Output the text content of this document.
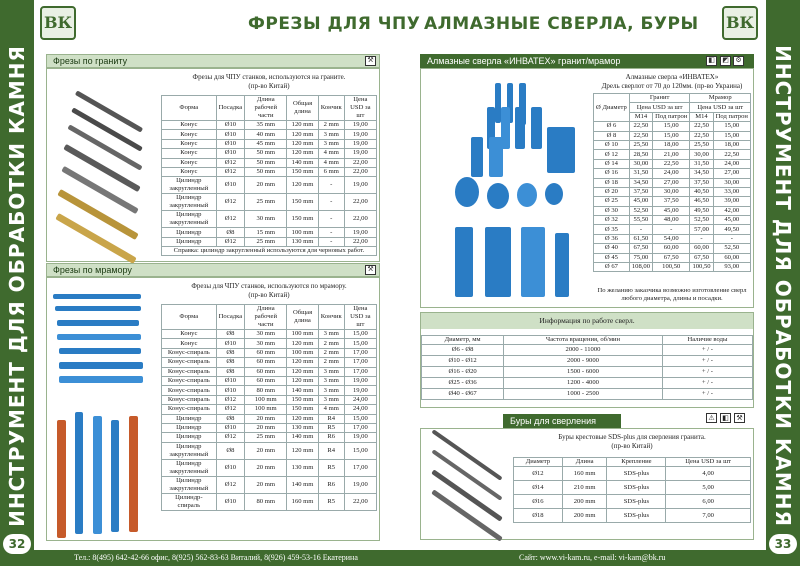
ИНСТРУМЕНТ ДЛЯ ОБРАБОТКИ КАМНЯ
32
ИНСТРУМЕНТ ДЛЯ ОБРАБОТКИ КАМНЯ
33
ВК	ФРЕЗЫ ДЛЯ ЧПУ АЛМАЗНЫЕ СВЕРЛА, БУРЫ ВК
Фрезы по граниту	⚒
Фрезы для ЧПУ станков, используются на граните.
(пр-во Китай)
Форма	Посадка	Длина рабочей части	Общая длина	Кончик	Цена USD за шт
Конус	Ø10	35 mm	120 mm	2 mm	19,00
Конус	Ø10	40 mm	120 mm	3 mm	19,00
Конус	Ø10	45 mm	120 mm	3 mm	19,00
Конус	Ø10	50 mm	120 mm	4 mm	19,00
Конус	Ø12	50 mm	140 mm	4 mm	22,00
Конус	Ø12	50 mm	150 mm	6 mm	22,00
Цилиндр закругленный	Ø10	20 mm	120 mm	-	19,00
Цилиндр закругленный	Ø12	25 mm	150 mm	-	22,00
Цилиндр закругленный	Ø12	30 mm	150 mm	-	22,00
Цилиндр	Ø8	15 mm	100 mm	-	19,00
Цилиндр	Ø12	25 mm	130 mm	-	22,00
Справка: цилиндр закругленный используются для черновых работ.
Фрезы по мрамору	⚒
Фрезы для ЧПУ станков, используются по мрамору.
(пр-во Китай)
Форма	Посадка	Длина рабочей части	Общая длина	Кончик	Цена USD за шт
Конус	Ø8	30 mm	100 mm	3 mm	15,00
Конус	Ø10	30 mm	120 mm	2 mm	15,00
Конус-спираль	Ø8	60 mm	100 mm	2 mm	17,00
Конус-спираль	Ø8	60 mm	120 mm	2 mm	17,00
Конус-спираль	Ø8	60 mm	120 mm	3 mm	17,00
Конус-спираль	Ø10	60 mm	120 mm	3 mm	19,00
Конус-спираль	Ø10	80 mm	140 mm	3 mm	19,00
Конус-спираль	Ø12	100 mm	150 mm	3 mm	24,00
Конус-спираль	Ø12	100 mm	150 mm	4 mm	24,00
Цилиндр	Ø8	20 mm	120 mm	R4	15,00
Цилиндр	Ø10	20 mm	130 mm	R5	17,00
Цилиндр	Ø12	25 mm	140 mm	R6	19,00
Цилиндр закругленный	Ø8	20 mm	120 mm	R4	15,00
Цилиндр закругленный	Ø10	20 mm	130 mm	R5	17,00
Цилиндр закругленный	Ø12	20 mm	140 mm	R6	19,00
Цилиндр-спираль	Ø10	80 mm	160 mm	R5	22,00
Алмазные сверла «ИНВАТЕХ» гранит/мрамор	◧	◩ ⚙
Алмазные сверла «ИНВАТЕХ»
Дрель сверлот от 70 до 120мм. (пр-во Украина)
Ø Диаметр	Гранит		Мрамор	
	Цена USD за шт		Цена USD за шт	
	M14	Под патрон	M14	Под патрон
Ø 6	22,50	15,00	22,50	15,00
Ø 8	22,50	15,00	22,50	15,00
Ø 10	25,50	18,00	25,50	18,00
Ø 12	28,50	21,00	30,00	22,50
Ø 14	30,00	22,50	31,50	24,00
Ø 16	31,50	24,00	34,50	27,00
Ø 18	34,50	27,00	37,50	30,00
Ø 20	37,50	30,00	40,50	33,00
Ø 25	45,00	37,50	46,50	39,00
Ø 30	52,50	45,00	49,50	42,00
Ø 32	55,50	48,00	52,50	45,00
Ø 35	-	-	57,00	49,50
Ø 36	61,50	54,00	-	-
Ø 40	67,50	60,00	60,00	52,50
Ø 45	75,00	67,50	67,50	60,00
Ø 67	108,00	100,50	100,50	93,00
По желанию заказчика возможно изготовление сверл любого диаметра, длины и посадки.
Информация по работе сверл.
Диаметр, мм	Частота вращения, об/мин	Наличие воды
Ø6 - Ø8	2000 - 11000	+ / -
Ø10 - Ø12	2000 - 9000	+ / -
Ø16 - Ø20	1500 - 6000	+ / -
Ø25 - Ø36	1200 - 4000	+ / -
Ø40 - Ø67	1000 - 2500	+ / -
Буры для сверления	⚠	◧	⚒
Буры крестовые SDS-plus для сверления гранита.
(пр-во Китай)
Диаметр	Длина	Крепление	Цена USD за шт
Ø12	160 mm	SDS-plus	4,00
Ø14	210 mm	SDS-plus	5,00
Ø16	200 mm	SDS-plus	6,00
Ø18	200 mm	SDS-plus	7,00
Тел.: 8(495) 642-42-66 офис, 8(925) 562-83-63 Виталий, 8(926) 459-53-16 Екатерина	Сайт: www.vi-kam.ru, e-mail: vi-kam@bk.ru
